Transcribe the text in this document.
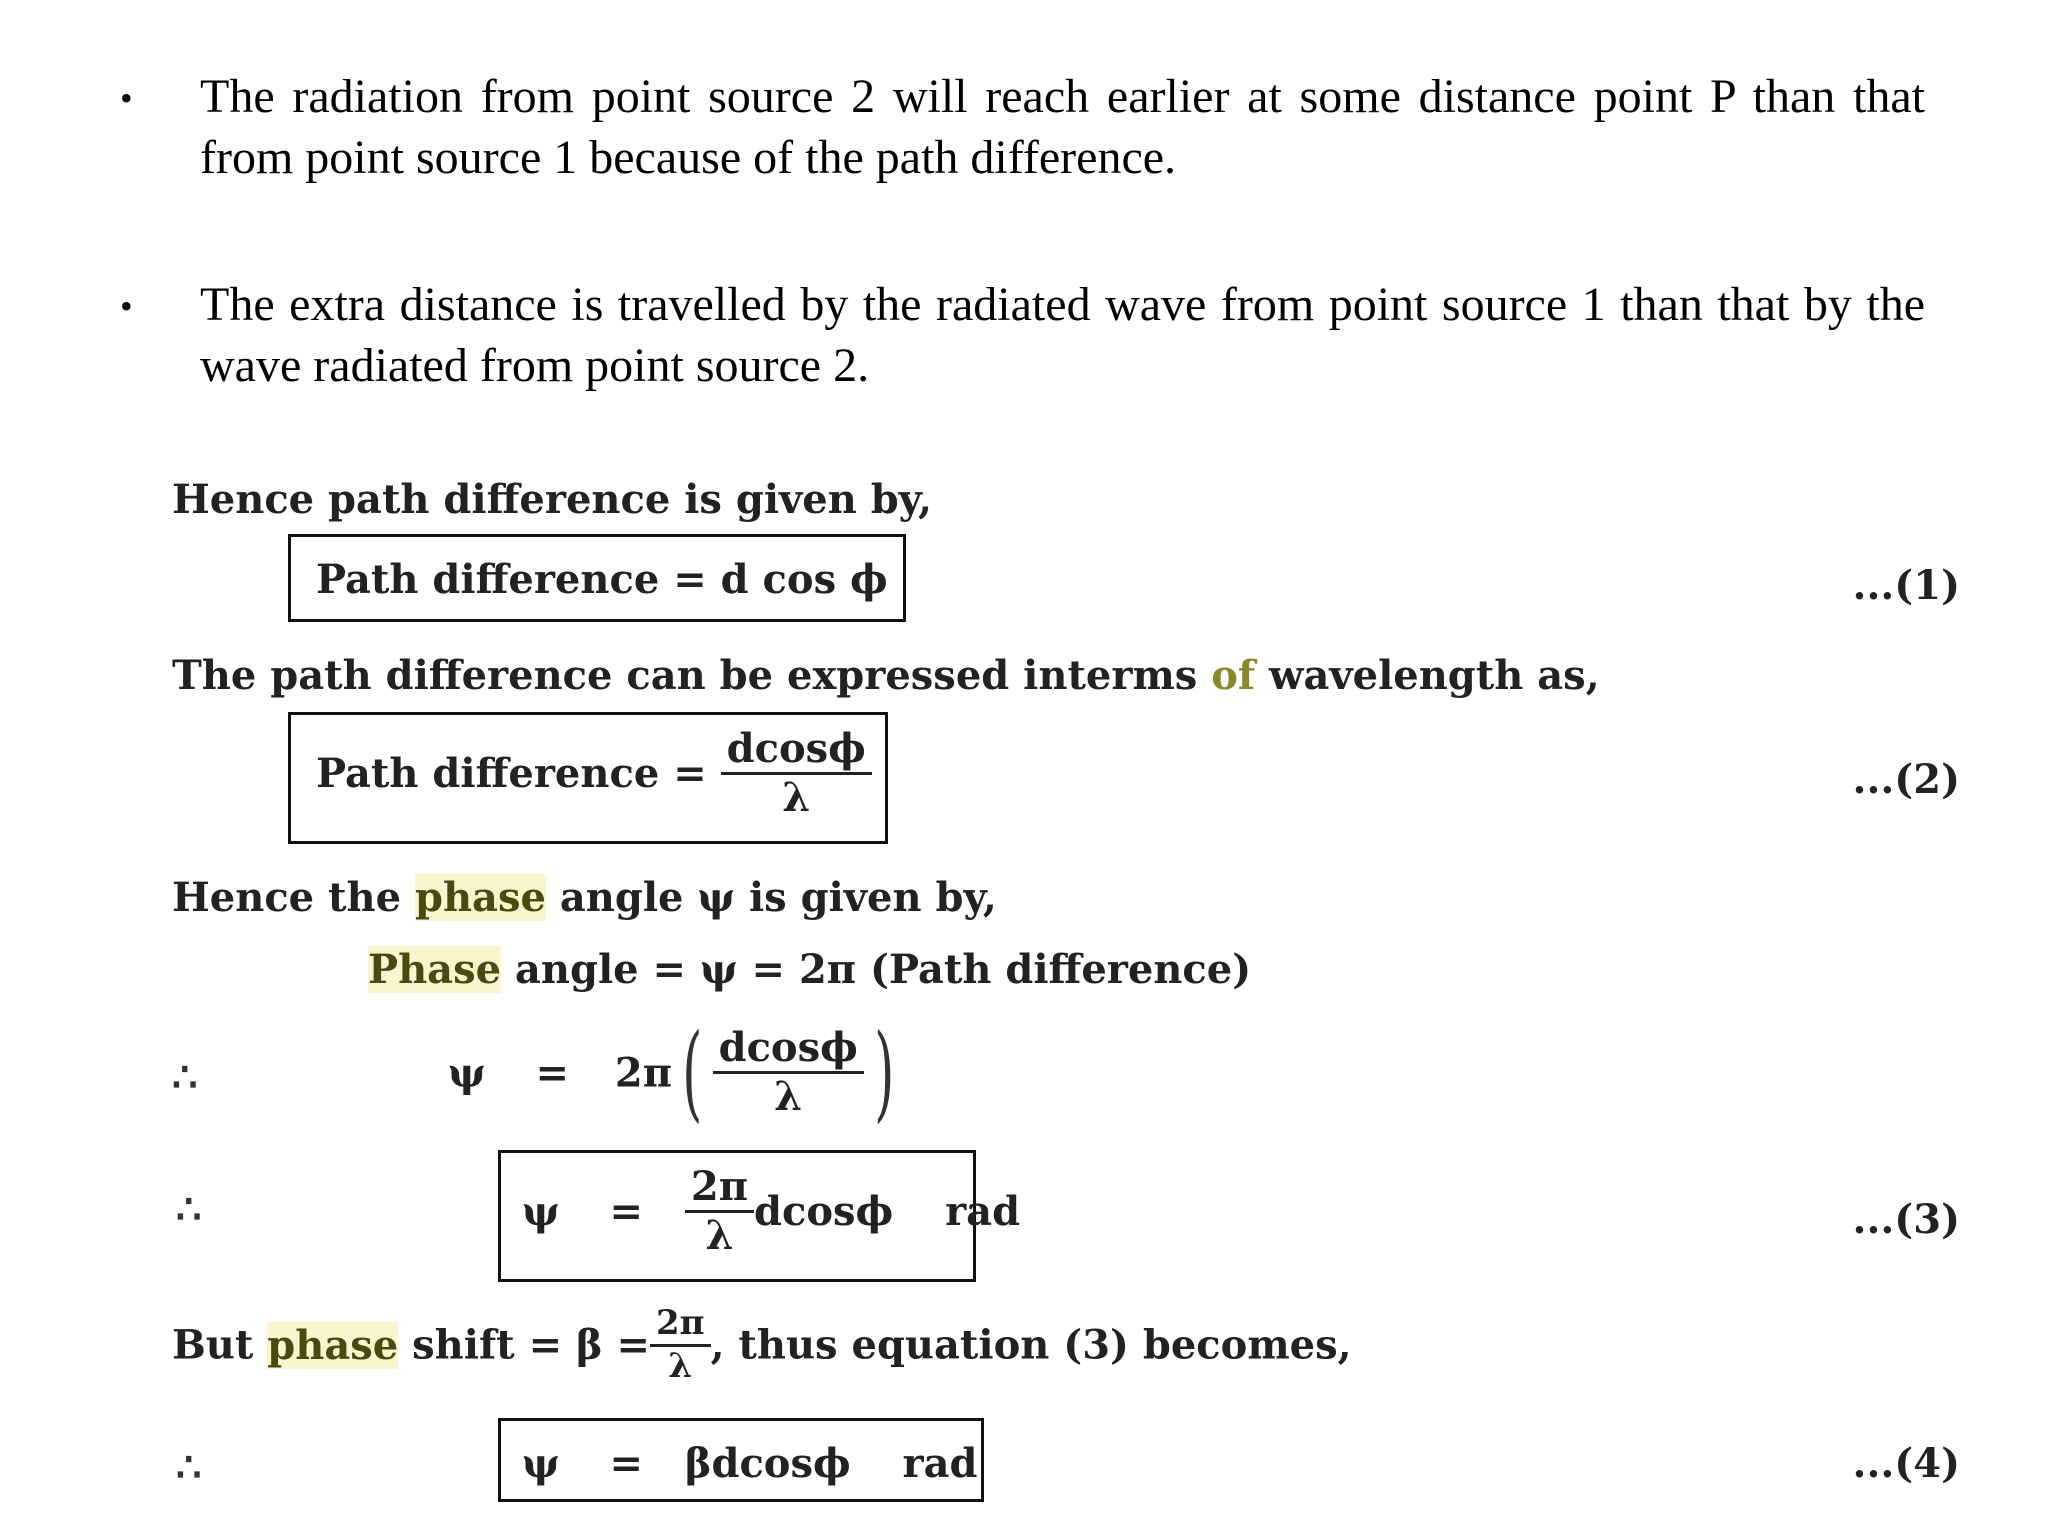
• The radiation from point source 2 will reach earlier at some distance point P than that from point source 1 because of the path difference.
• The extra distance is travelled by the radiated wave from point source 1 than that by the wave radiated from point source 2.
Hence path difference is given by,
Path difference = d cos ϕ	...(1)
The path difference can be expressed interms of wavelength as,
Path difference = $\frac{dcos\phi}{\lambda}$	...(2)
Hence the phase angle ψ is given by,
Phase angle = ψ = 2π (Path difference)
∴	$\psi = 2\pi( \frac{dcos\phi}{\lambda}$ )
∴	$\psi = \frac{2\pi}{\lambda}$ dcosϕ rad	...(3)
But phase shift = $\beta = \frac{2\pi}{\lambda}$ , thus equation (3) becomes,
∴	ψ = βdcosϕ rad	...(4)
